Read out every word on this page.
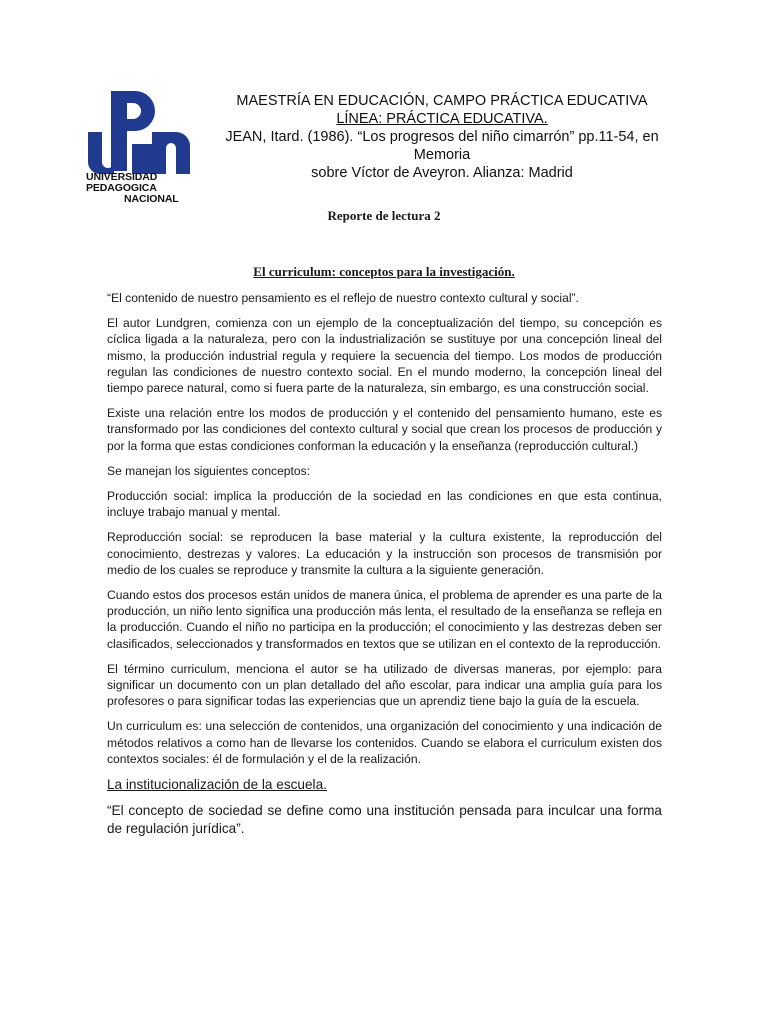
UNIVERSIDAD
PEDAGOGICA
NACIONAL
MAESTRÍA EN EDUCACIÓN, CAMPO PRÁCTICA EDUCATIVA
LÍNEA: PRÁCTICA EDUCATIVA.
JEAN, Itard. (1986). “Los progresos del niño cimarrón” pp.11-54, en Memoria
sobre Víctor de Aveyron. Alianza: Madrid
Reporte de lectura 2
El curriculum: conceptos para la investigación.

“El contenido de nuestro pensamiento es el reflejo de nuestro contexto cultural y social”.

El autor Lundgren, comienza con un ejemplo de la conceptualización del tiempo, su concepción es cíclica ligada a la naturaleza, pero con la industrialización se sustituye por una concepción lineal del mismo, la producción industrial regula y requiere la secuencia del tiempo. Los modos de producción regulan las condiciones de nuestro contexto social. En el mundo moderno, la concepción lineal del tiempo parece natural, como si fuera parte de la naturaleza, sin embargo, es una construcción social.

Existe una relación entre los modos de producción y el contenido del pensamiento humano, este es transformado por las condiciones del contexto cultural y social que crean los procesos de producción y por la forma que estas condiciones conforman la educación y la enseñanza (reproducción cultural.)

Se manejan los siguientes conceptos:

Producción social: implica la producción de la sociedad en las condiciones en que esta continua, incluye trabajo manual y mental.

Reproducción social: se reproducen la base material y la cultura existente, la reproducción del conocimiento, destrezas y valores. La educación y la instrucción son procesos de transmisión por medio de los cuales se reproduce y transmite la cultura a la siguiente generación.

Cuando estos dos procesos están unidos de manera única, el problema de aprender es una parte de la producción, un niño lento significa una producción más lenta, el resultado de la enseñanza se refleja en la producción. Cuando el niño no participa en la producción; el conocimiento y las destrezas deben ser clasificados, seleccionados y transformados en textos que se utilizan en el contexto de la reproducción.

El término curriculum, menciona el autor se ha utilizado de diversas maneras, por ejemplo: para significar un documento con un plan detallado del año escolar, para indicar una amplia guía para los profesores o para significar todas las experiencias que un aprendiz tiene bajo la guía de la escuela.

Un curriculum es: una selección de contenidos, una organización del conocimiento y una indicación de métodos relativos a como han de llevarse los contenidos. Cuando se elabora el curriculum existen dos contextos sociales: él de formulación y el de la realización.

La institucionalización de la escuela.

“El concepto de sociedad se define como una institución pensada para inculcar una forma de regulación jurídica”.
